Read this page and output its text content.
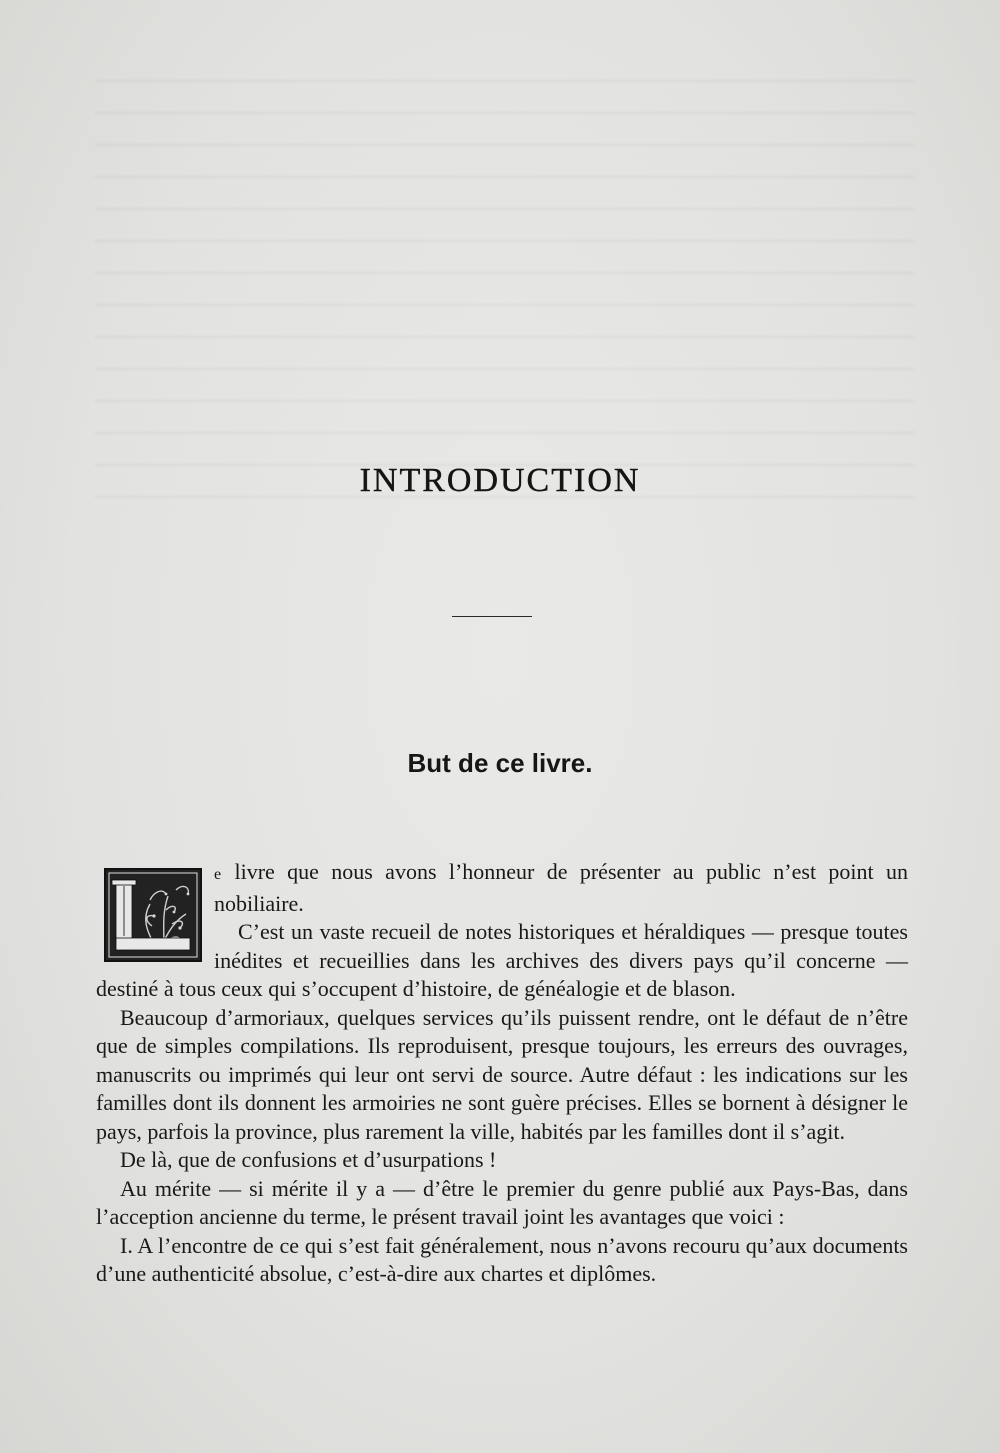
INTRODUCTION
But de ce livre.

e livre que nous avons l’honneur de présenter au public n’est point un nobiliaire.

C’est un vaste recueil de notes historiques et héraldiques — presque toutes inédites et recueillies dans les archives des divers pays qu’il concerne — destiné à tous ceux qui s’occupent d’histoire, de généalogie et de blason.

Beaucoup d’armoriaux, quelques services qu’ils puissent rendre, ont le défaut de n’être que de simples compilations. Ils reproduisent, presque toujours, les erreurs des ouvrages, manuscrits ou imprimés qui leur ont servi de source. Autre défaut : les indications sur les familles dont ils donnent les armoiries ne sont guère précises. Elles se bornent à désigner le pays, parfois la province, plus rarement la ville, habités par les familles dont il s’agit.

De là, que de confusions et d’usurpations !

Au mérite — si mérite il y a — d’être le premier du genre publié aux Pays-Bas, dans l’acception ancienne du terme, le présent travail joint les avantages que voici :

I. A l’encontre de ce qui s’est fait généralement, nous n’avons recouru qu’aux documents d’une authenticité absolue, c’est-à-dire aux chartes et diplômes.
